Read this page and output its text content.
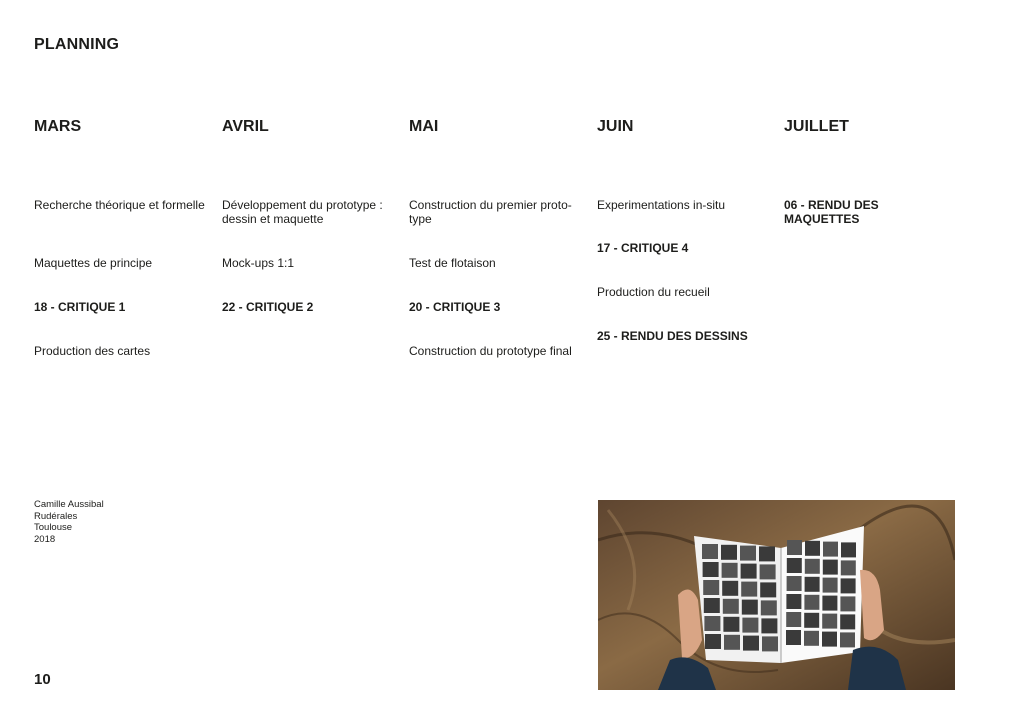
PLANNING
MARS
Recherche théorique et formelle
Maquettes de principe
18 - CRITIQUE 1
Production des cartes
AVRIL
Développement du prototype : dessin et maquette
Mock-ups 1:1
22 - CRITIQUE 2
MAI
Construction du premier proto-type
Test de flotaison
20 - CRITIQUE 3
Construction du prototype final
JUIN
Experimentations in-situ
17 - CRITIQUE 4
Production du recueil
25 - RENDU DES DESSINS
JUILLET
06 - RENDU DES MAQUETTES
Camille Aussibal
Rudérales
Toulouse
2018
10
